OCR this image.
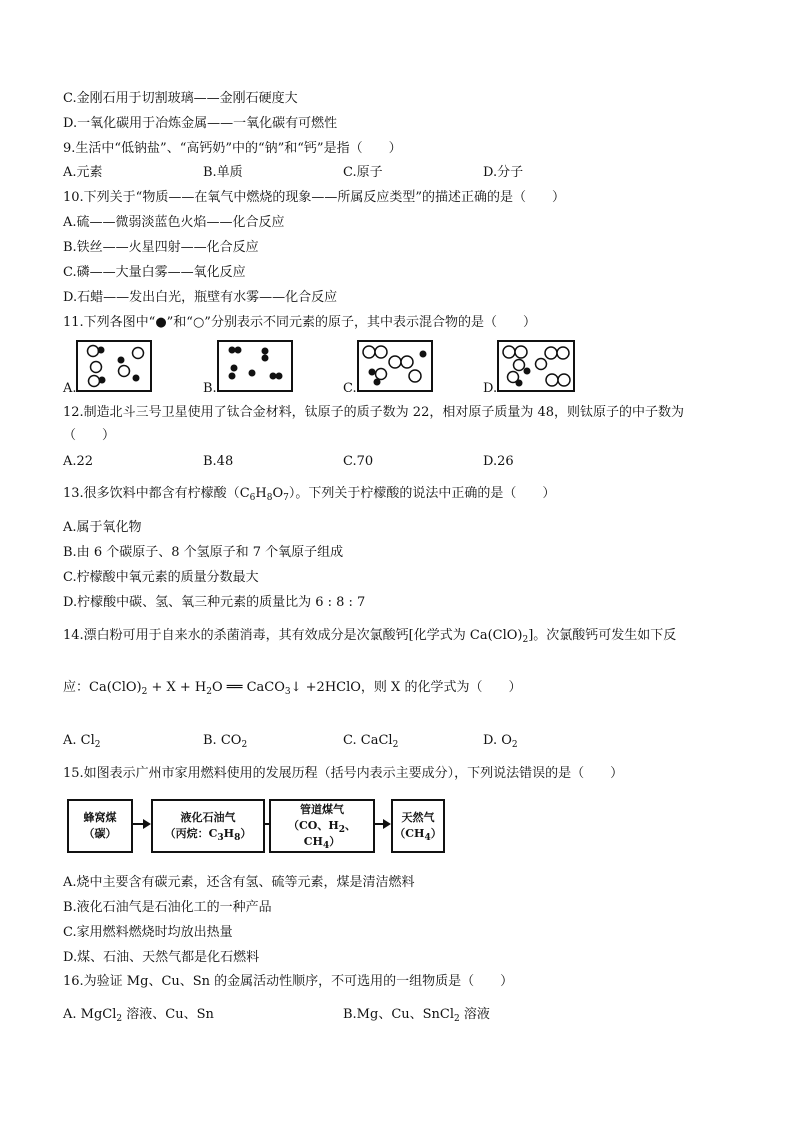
C.金刚石用于切割玻璃——金刚石硬度大
D.一氧化碳用于冶炼金属——一氧化碳有可燃性
9.生活中“低钠盐”、“高钙奶”中的“钠”和“钙”是指（　　）
A.元素	B.单质	C.原子	D.分子
10.下列关于“物质——在氧气中燃烧的现象——所属反应类型”的描述正确的是（　　）
A.硫——微弱淡蓝色火焰——化合反应
B.铁丝——火星四射——化合反应
C.磷——大量白雾——氧化反应
D.石蜡——发出白光，瓶壁有水雾——化合反应
11.下列各图中“●”和“○”分别表示不同元素的原子，其中表示混合物的是（　　）
A.	B.	C.	D.
12.制造北斗三号卫星使用了钛合金材料，钛原子的质子数为 22，相对原子质量为 48，则钛原子的中子数为
（　　）
A.22	B.48	C.70	D.26
13.很多饮料中都含有柠檬酸$(C_6H_8O_7)$。下列关于柠檬酸的说法中正确的是（　　）
A.属于氧化物
B.由 6 个碳原子、8 个氢原子和 7 个氧原子组成
C.柠檬酸中氧元素的质量分数最大
D.柠檬酸中碳、氢、氧三种元素的质量比为 6 : 8 : 7
14.漂白粉可用于自来水的杀菌消毒，其有效成分是次氯酸钙[化学式为 $Ca(ClO)_2$]。次氯酸钙可发生如下反
应：$Ca(ClO)_2 + X + H_2O$ ══ CaCO$_3$↓ +2HClO，则 X 的化学式为（　　）
A. $Cl_2$	B. $CO_2$	C. CaCl$_2$	D. $O_2$
15.如图表示广州市家用燃料使用的发展历程（括号内表示主要成分），下列说法错误的是（　　）
蜂窝煤
（碳）
液化石油气
（丙烷：$C_3H_8$）
管道煤气
（CO、$H_2$、$CH_4$）
天然气
$(CH_4)$
A.烧中主要含有碳元素，还含有氢、硫等元素，煤是清洁燃料
B.液化石油气是石油化工的一种产品
C.家用燃料燃烧时均放出热量
D.煤、石油、天然气都是化石燃料
16.为验证 Mg、Cu、Sn 的金属活动性顺序，不可选用的一组物质是（　　）
A. MgCl$_2$ 溶液、Cu、Sn	B.Mg、Cu、SnCl$_2$ 溶液
